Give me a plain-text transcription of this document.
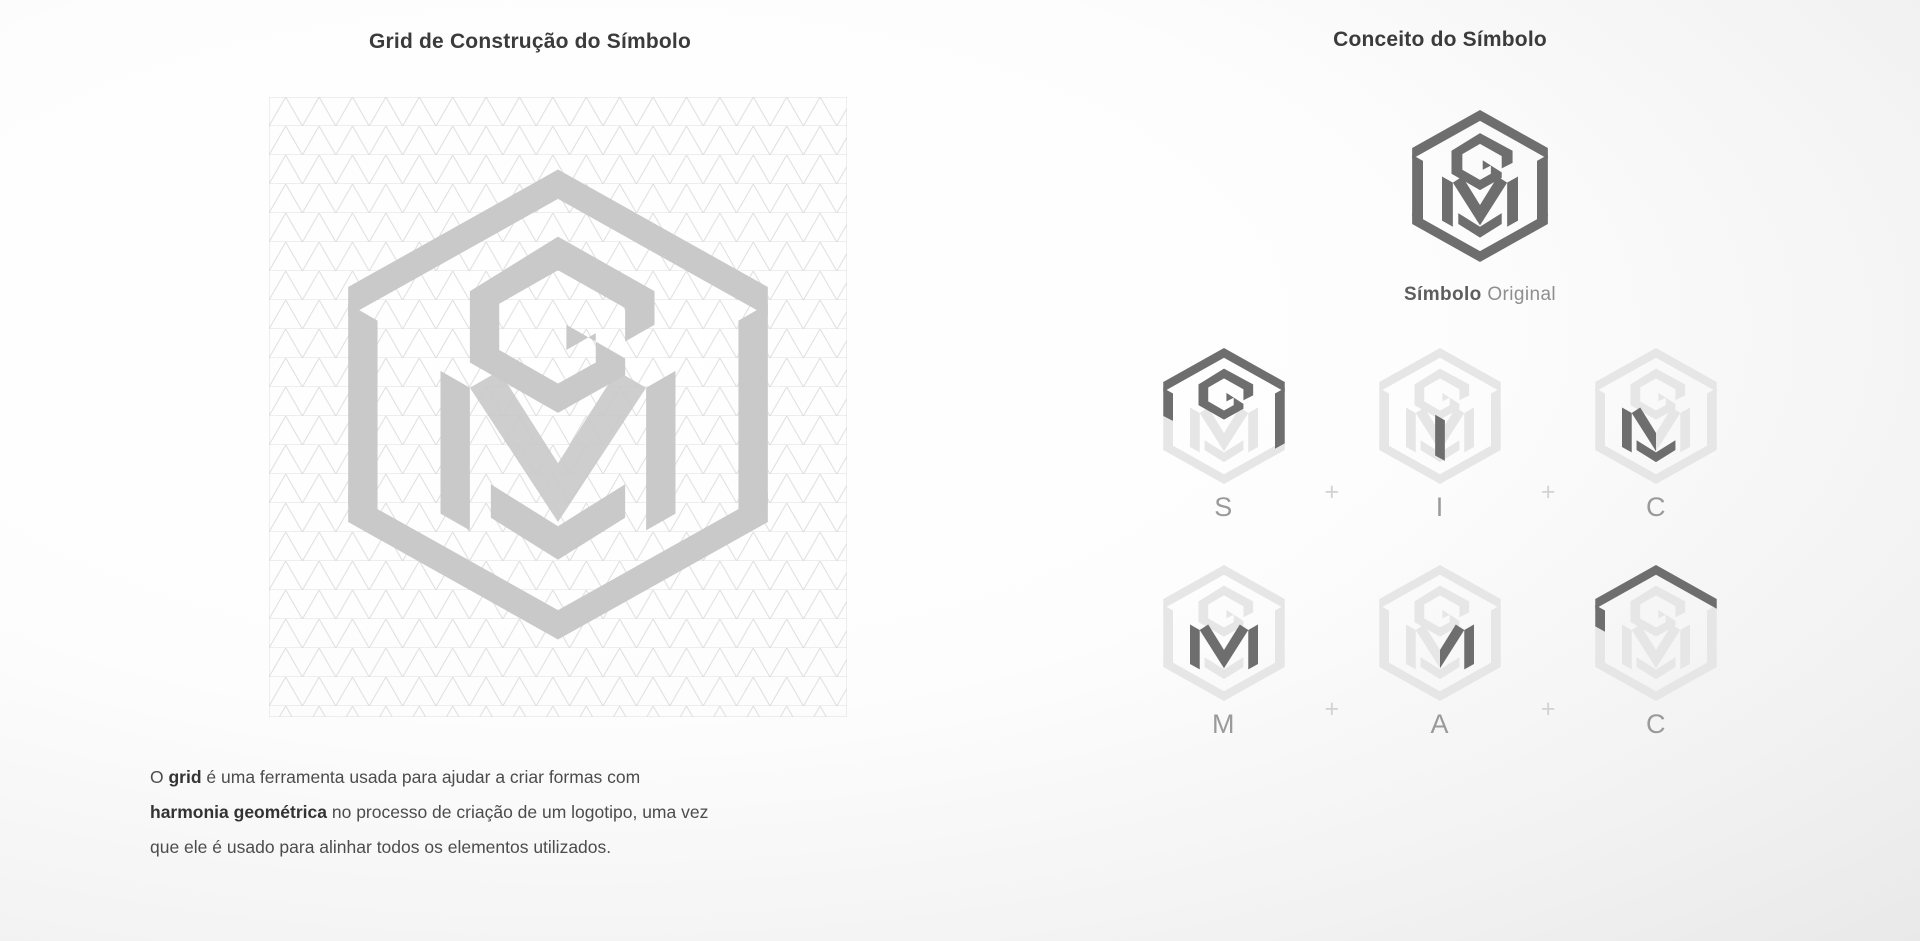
Grid de Construção do Símbolo
O grid é uma ferramenta usada para ajudar a criar formas com
harmonia geométrica no processo de criação de um logotipo, uma vez
que ele é usado para alinhar todos os elementos utilizados.
Conceito do Símbolo
Símbolo Original
S	+	I	+	C
M	+	A	+	C
